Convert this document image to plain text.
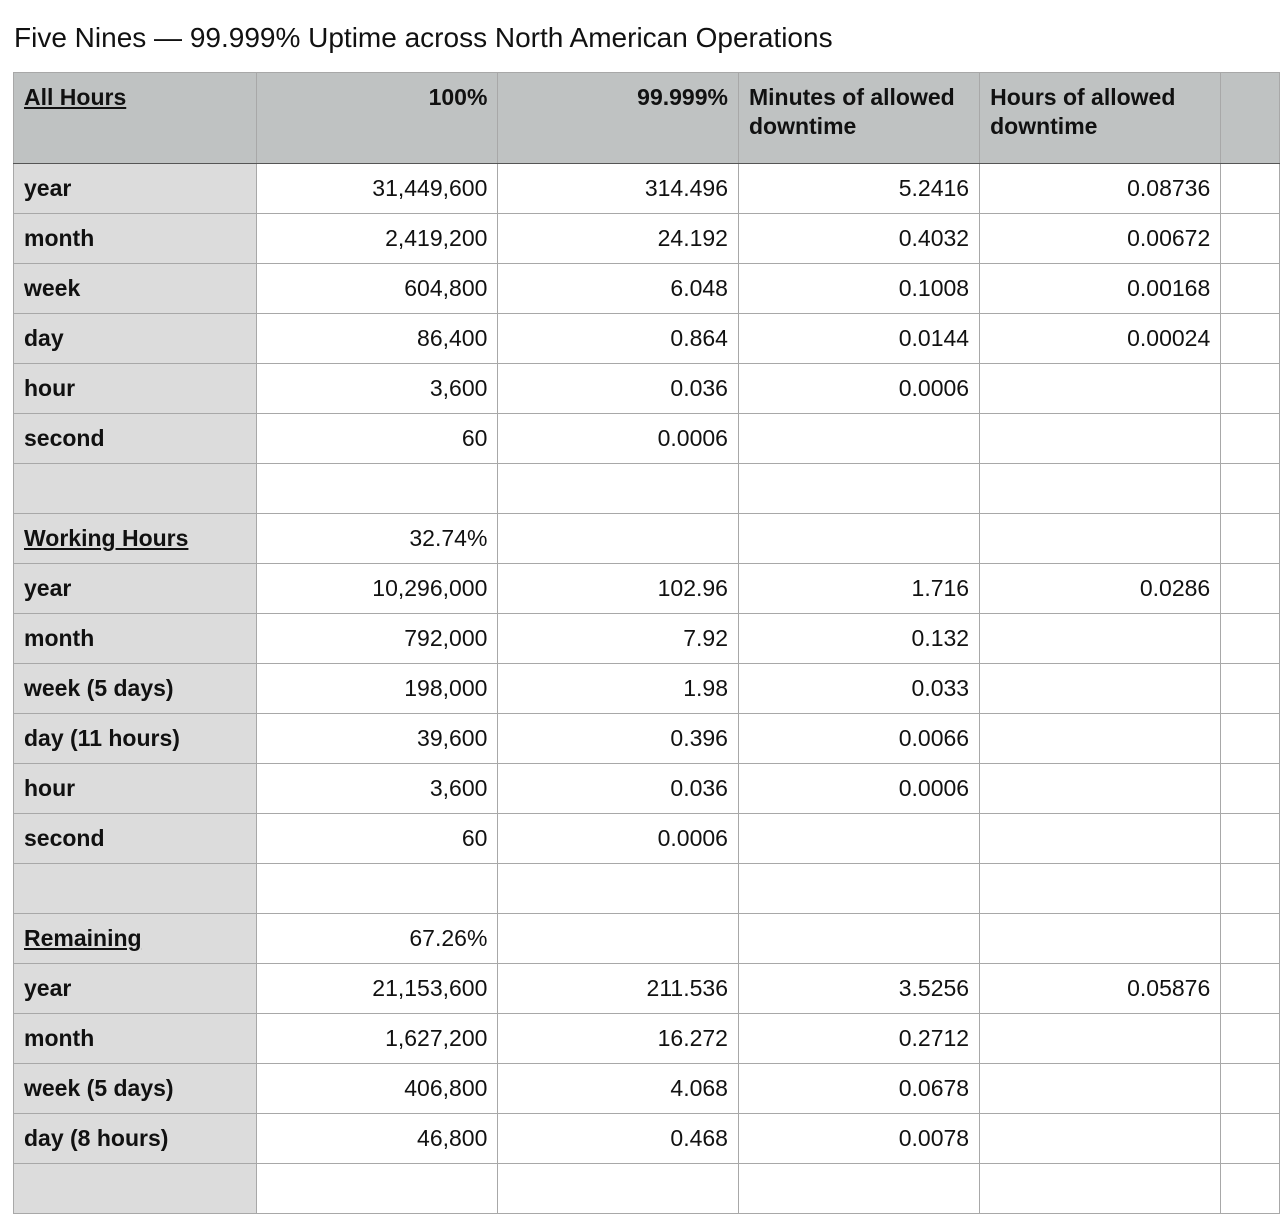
Five Nines — 99.999% Uptime across North American Operations
All Hours	100%	99.999%	Minutes of allowed downtime	Hours of allowed downtime	
year	31,449,600	314.496	5.2416	0.08736	
month	2,419,200	24.192	0.4032	0.00672	
week	604,800	6.048	0.1008	0.00168	
day	86,400	0.864	0.0144	0.00024	
hour	3,600	0.036	0.0006		
second	60	0.0006			

Working Hours	32.74%				
year	10,296,000	102.96	1.716	0.0286	
month	792,000	7.92	0.132		
week (5 days)	198,000	1.98	0.033		
day (11 hours)	39,600	0.396	0.0066		
hour	3,600	0.036	0.0006		
second	60	0.0006			

Remaining	67.26%				
year	21,153,600	211.536	3.5256	0.05876	
month	1,627,200	16.272	0.2712		
week (5 days)	406,800	4.068	0.0678		
day (8 hours)	46,800	0.468	0.0078		
